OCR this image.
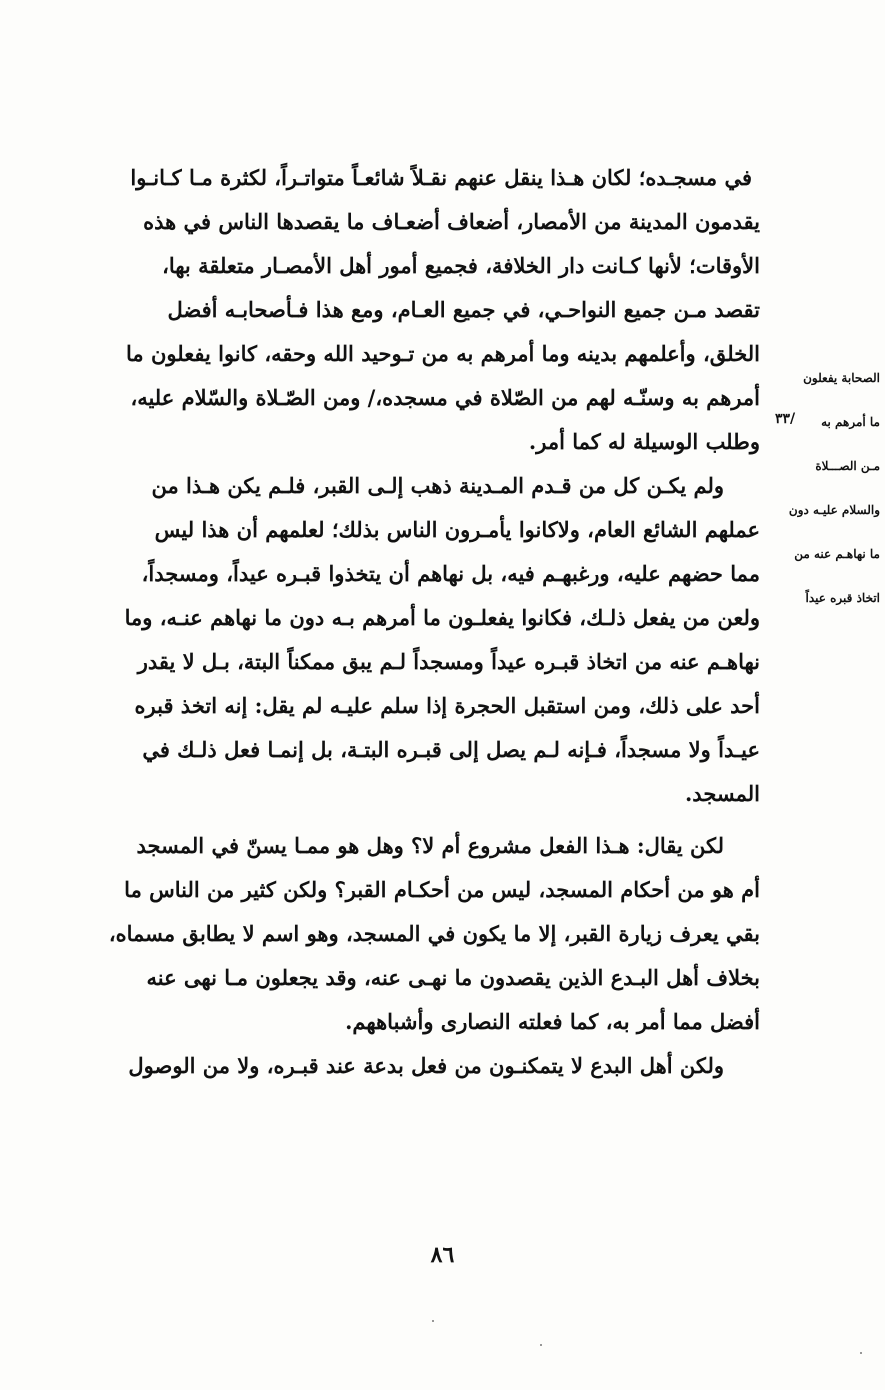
في مسجـده؛ لكان هـذا ينقل عنهم نقـلاً شائعـاً متواتـراً، لكثرة مـا كـانـوا
يقدمون المدينة من الأمصار، أضعاف أضعـاف ما يقصدها الناس في هذه
الأوقات؛ لأنها كـانت دار الخلافة، فجميع أمور أهل الأمصـار متعلقة بها،
تقصد مـن جميع النواحـي، في جميع العـام، ومع هذا فـأصحابـه أفضل
الخلق، وأعلمهم بدينه وما أمرهم به من تـوحيد الله وحقه، كانوا يفعلون ما
أمرهم به وسنّـه لهم من الصّلاة في مسجده،/ ومن الصّـلاة والسّلام عليه،
وطلب الوسيلة له كما أمر.
ولم يكـن كل من قـدم المـدينة ذهب إلـى القبر، فلـم يكن هـذا من
عملهم الشائع العام، ولاكانوا يأمـرون الناس بذلك؛ لعلمهم أن هذا ليس
مما حضهم عليه، ورغبهـم فيه، بل نهاهم أن يتخذوا قبـره عيداً، ومسجداً،
ولعن من يفعل ذلـك، فكانوا يفعلـون ما أمرهم بـه دون ما نهاهم عنـه، وما
نهاهـم عنه من اتخاذ قبـره عيداً ومسجداً لـم يبق ممكناً البتة، بـل لا يقدر
أحد على ذلك، ومن استقبل الحجرة إذا سلم عليـه لم يقل: إنه اتخذ قبره
عيـداً ولا مسجداً، فـإنه لـم يصل إلى قبـره البتـة، بل إنمـا فعل ذلـك في
المسجد.
لكن يقال: هـذا الفعل مشروع أم لا؟ وهل هو ممـا يسنّ في المسجد
أم هو من أحكام المسجد، ليس من أحكـام القبر؟ ولكن كثير من الناس ما
بقي يعرف زيارة القبر، إلا ما يكون في المسجد، وهو اسم لا يطابق مسماه،
بخلاف أهل البـدع الذين يقصدون ما نهـى عنه، وقد يجعلون مـا نهى عنه
أفضل مما أمر به، كما فعلته النصارى وأشباههم.
ولكن أهل البدع لا يتمكنـون من فعل بدعة عند قبـره، ولا من الوصول
الصحابة يفعلون
ما أمرهم به
مـن الصـــلاة
والسلام عليـه دون
ما نهاهـم عنه من
اتخاذ قبره عيداً
٣٣/
٨٦
